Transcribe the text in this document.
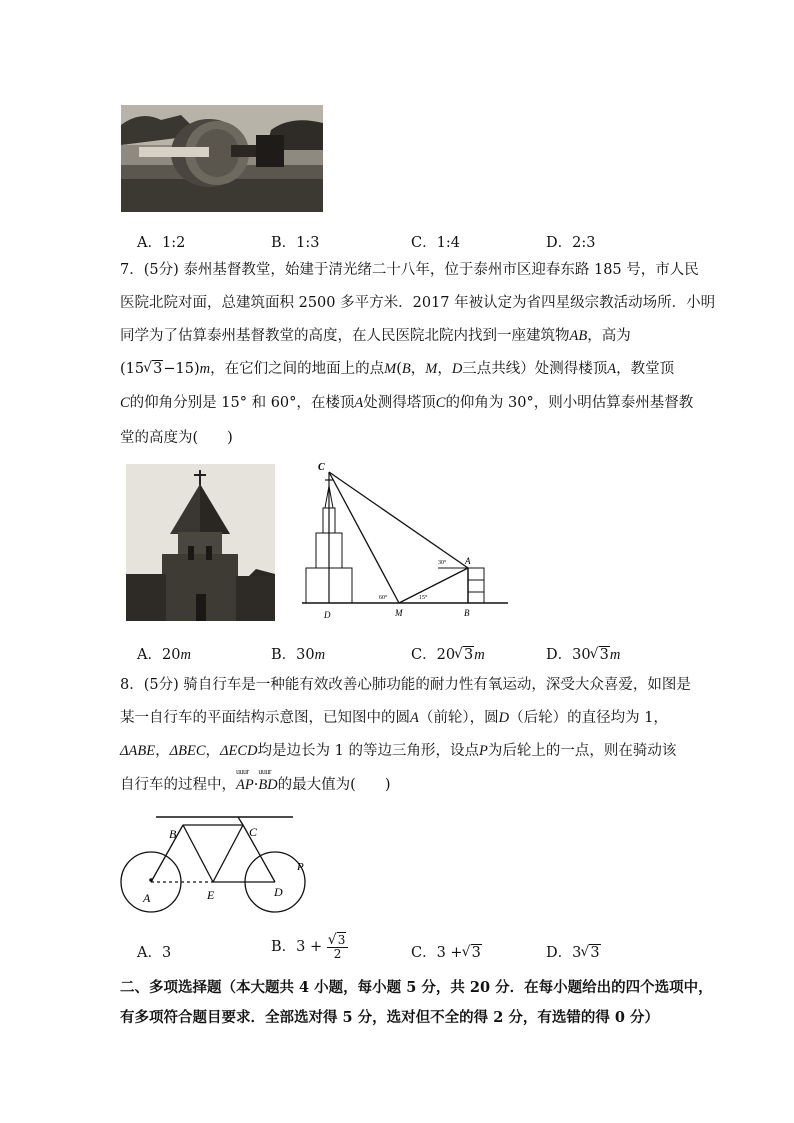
A．1:2	B．1:3	C．1:4	D．2:3
7．(5分) 泰州基督教堂，始建于清光绪二十八年，位于泰州市区迎春东路 185 号，市人民
医院北院对面，总建筑面积 2500 多平方米．2017 年被认定为省四星级宗教活动场所．小明
同学为了估算泰州基督教堂的高度，在人民医院北院内找到一座建筑物AB，高为
(15 √ 3−15)m，在它们之间的地面上的点M(B，M，D三点共线）处测得楼顶A，教堂顶
C的仰角分别是 15° 和 60°，在楼顶A处测得塔顶C的仰角为 30°，则小明估算泰州基督教
堂的高度为(　　)
C
A
D	M	B
30°
60°	15°
A．20m	B．30m	C．20 √ 3m	D．30 √ 3m
8．(5分) 骑自行车是一种能有效改善心肺功能的耐力性有氧运动，深受大众喜爱，如图是
某一自行车的平面结构示意图，已知图中的圆A（前轮），圆D（后轮）的直径均为 1，
ΔABE，ΔBEC，ΔECD均是边长为 1 的等边三角形，设点P为后轮上的一点，则在骑动该
自行车的过程中，
uuur
AP·
uuur
BD的最大值为(　　)
A
B	C
D
E
P
A．3	B．3 + √ $\frac{3}{2}$	C．3 + √ 3	D．3 √ 3
二、多项选择题（本大题共 4 小题，每小题 5 分，共 20 分．在每小题给出的四个选项中，
有多项符合题目要求．全部选对得 5 分，选对但不全的得 2 分，有选错的得 0 分）
